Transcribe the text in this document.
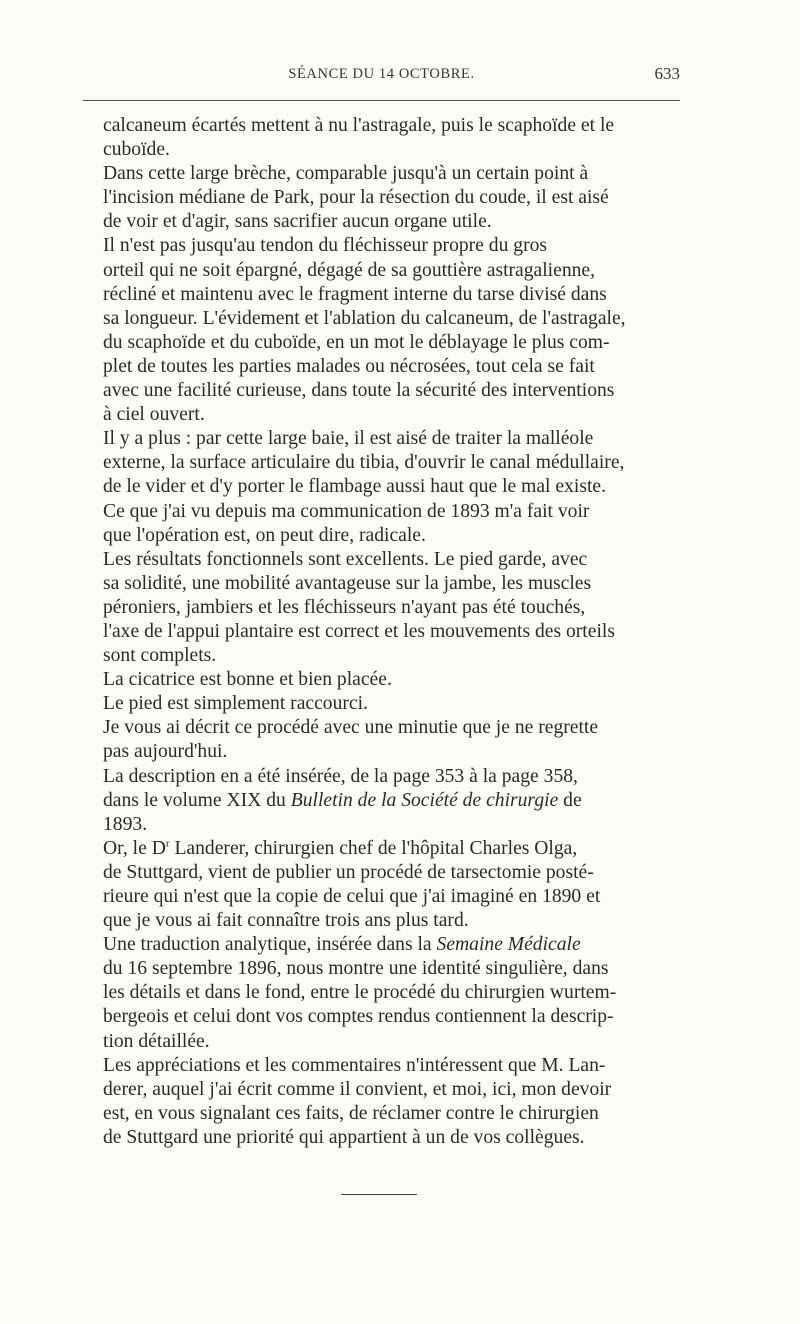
SÉANCE DU 14 OCTOBRE.	633

calcaneum écartés mettent à nu l'astragale, puis le scaphoïde et le
cuboïde.

Dans cette large brèche, comparable jusqu'à un certain point à
l'incision médiane de Park, pour la résection du coude, il est aisé
de voir et d'agir, sans sacrifier aucun organe utile.

Il n'est pas jusqu'au tendon du fléchisseur propre du gros
orteil qui ne soit épargné, dégagé de sa gouttière astragalienne,
récliné et maintenu avec le fragment interne du tarse divisé dans
sa longueur. L'évidement et l'ablation du calcaneum, de l'astragale,
du scaphoïde et du cuboïde, en un mot le déblayage le plus com-
plet de toutes les parties malades ou nécrosées, tout cela se fait
avec une facilité curieuse, dans toute la sécurité des interventions
à ciel ouvert.

Il y a plus : par cette large baie, il est aisé de traiter la malléole
externe, la surface articulaire du tibia, d'ouvrir le canal médullaire,
de le vider et d'y porter le flambage aussi haut que le mal existe.

Ce que j'ai vu depuis ma communication de 1893 m'a fait voir
que l'opération est, on peut dire, radicale.

Les résultats fonctionnels sont excellents. Le pied garde, avec
sa solidité, une mobilité avantageuse sur la jambe, les muscles
péroniers, jambiers et les fléchisseurs n'ayant pas été touchés,
l'axe de l'appui plantaire est correct et les mouvements des orteils
sont complets.

La cicatrice est bonne et bien placée.

Le pied est simplement raccourci.

Je vous ai décrit ce procédé avec une minutie que je ne regrette
pas aujourd'hui.

La description en a été insérée, de la page 353 à la page 358,
dans le volume XIX du Bulletin de la Société de chirurgie de
1893.

Or, le $D^r$ Landerer, chirurgien chef de l'hôpital Charles Olga,
de Stuttgard, vient de publier un procédé de tarsectomie posté-
rieure qui n'est que la copie de celui que j'ai imaginé en 1890 et
que je vous ai fait connaître trois ans plus tard.

Une traduction analytique, insérée dans la Semaine Médicale
du 16 septembre 1896, nous montre une identité singulière, dans
les détails et dans le fond, entre le procédé du chirurgien wurtem-
bergeois et celui dont vos comptes rendus contiennent la descrip-
tion détaillée.

Les appréciations et les commentaires n'intéressent que M. Lan-
derer, auquel j'ai écrit comme il convient, et moi, ici, mon devoir
est, en vous signalant ces faits, de réclamer contre le chirurgien
de Stuttgard une priorité qui appartient à un de vos collègues.
